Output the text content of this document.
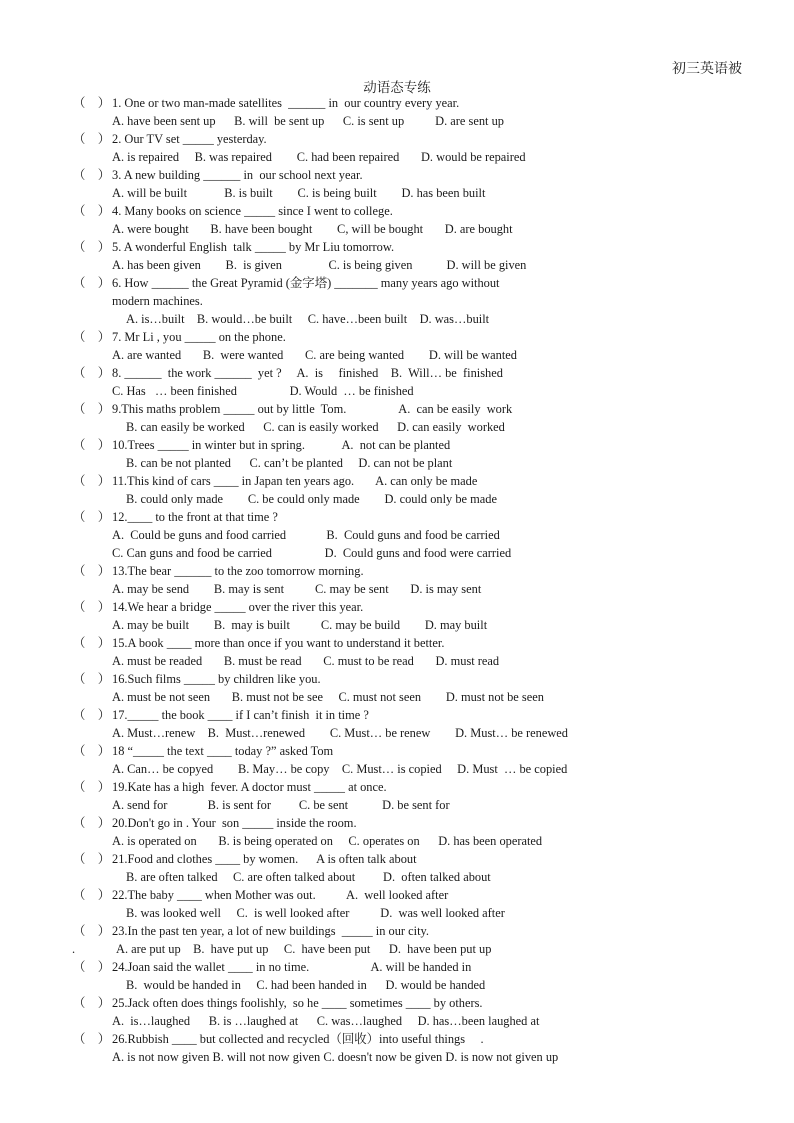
初三英语被
动语态专练
（    ） 1. One or two man-made satellites  ______ in  our country every year.
A. have been sent up      B. will  be sent up      C. is sent up          D. are sent up
（    ） 2. Our TV set _____ yesterday.
A. is repaired     B. was repaired        C. had been repaired       D. would be repaired
（    ） 3. A new building ______ in  our school next year.
A. will be built            B. is built        C. is being built        D. has been built
（    ） 4. Many books on science _____ since I went to college.
A. were bought       B. have been bought        C, will be bought       D. are bought
（    ） 5. A wonderful English  talk _____ by Mr Liu tomorrow.
A. has been given        B.  is given               C. is being given           D. will be given
（    ） 6. How ______ the Great Pyramid (金字塔) _______ many years ago without
modern machines.
A. is…built    B. would…be built     C. have…been built    D. was…built
（    ） 7. Mr Li , you _____ on the phone.
A. are wanted       B.  were wanted       C. are being wanted        D. will be wanted
（    ） 8. ______  the work ______  yet ?     A.  is     finished    B.  Will… be  finished
C. Has   … been finished                 D. Would  … be finished
（    ） 9.This maths problem _____ out by little  Tom.                 A.  can be easily  work
B. can easily be worked      C. can is easily worked      D. can easily  worked
（    ） 10.Trees _____ in winter but in spring.            A.  not can be planted
B. can be not planted      C. can’t be planted     D. can not be plant
（    ） 11.This kind of cars ____ in Japan ten years ago.       A. can only be made
B. could only made        C. be could only made        D. could only be made
（    ） 12.____ to the front at that time ?
A.  Could be guns and food carried             B.  Could guns and food be carried
C. Can guns and food be carried                 D.  Could guns and food were carried
（    ） 13.The bear ______ to the zoo tomorrow morning.
A. may be send        B. may is sent          C. may be sent       D. is may sent
（    ） 14.We hear a bridge _____ over the river this year.
A. may be built        B.  may is built          C. may be build        D. may built
（    ） 15.A book ____ more than once if you want to understand it better.
A. must be readed       B. must be read       C. must to be read       D. must read
（    ） 16.Such films _____ by children like you.
A. must be not seen       B. must not be see     C. must not seen        D. must not be seen
（    ） 17._____ the book ____ if I can’t finish  it in time ?
A. Must…renew    B.  Must…renewed        C. Must… be renew        D. Must… be renewed
（    ） 18 “_____ the text ____ today ?” asked Tom
A. Can… be copyed        B. May… be copy    C. Must… is copied     D. Must  … be copied
（    ） 19.Kate has a high  fever. A doctor must _____ at once.
A. send for             B. is sent for         C. be sent           D. be sent for
（    ） 20.Don't go in . Your  son _____ inside the room.
A. is operated on       B. is being operated on     C. operates on      D. has been operated
（    ） 21.Food and clothes ____ by women.      A is often talk about
B. are often talked     C. are often talked about         D.  often talked about
（    ） 22.The baby ____ when Mother was out.          A.  well looked after
B. was looked well     C.  is well looked after          D.  was well looked after
（    ） 23.In the past ten year, a lot of new buildings  _____ in our city.
.	A. are put up    B.  have put up     C.  have been put      D.  have been put up
（    ） 24.Joan said the wallet ____ in no time.                    A. will be handed in
B.  would be handed in     C. had been handed in      D. would be handed
（    ） 25.Jack often does things foolishly,  so he ____ sometimes ____ by others.
A.  is…laughed      B. is …laughed at      C. was…laughed     D. has…been laughed at
（    ） 26.Rubbish ____ but collected and recycled（回收）into useful things     .
A. is not now given B. will not now given C. doesn't now be given D. is now not given up
